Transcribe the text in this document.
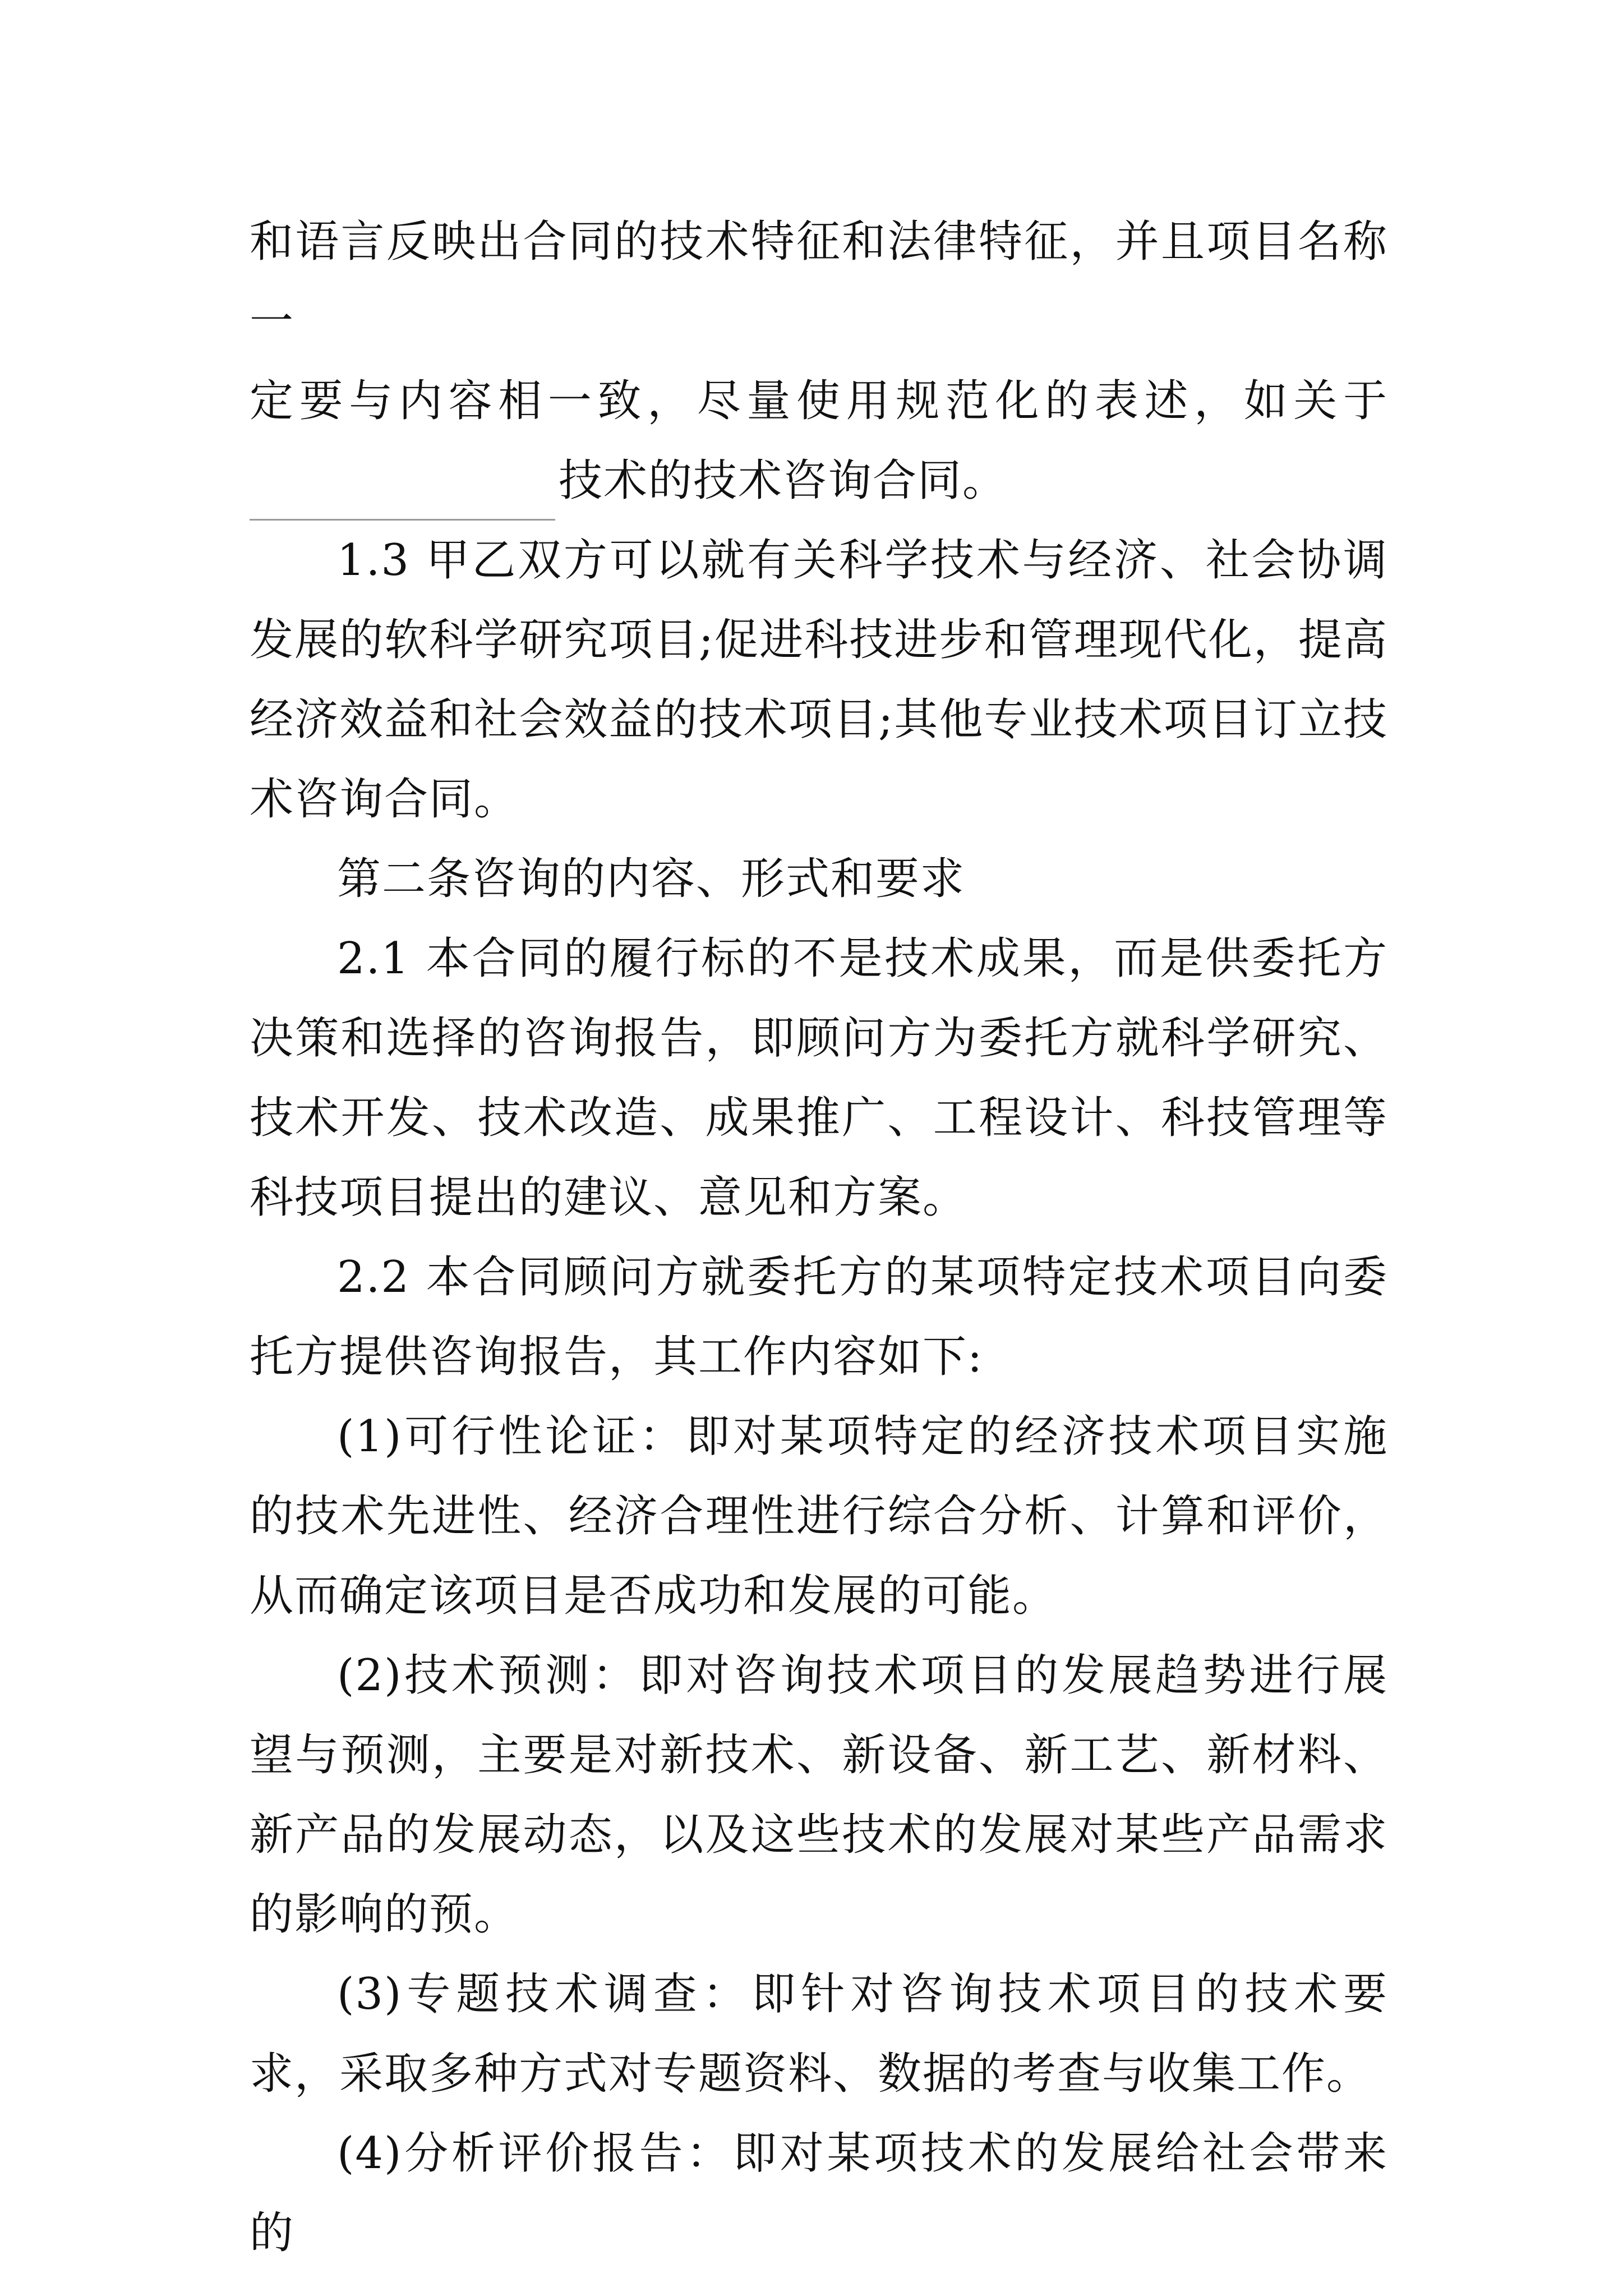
和语言反映出合同的技术特征和法律特征，并且项目名称一

定要与内容相一致，尽量使用规范化的表述，如关于

技术的技术咨询合同。

1.3 甲乙双方可以就有关科学技术与经济、社会协调发展的软科学研究项目;促进科技进步和管理现代化，提高经济效益和社会效益的技术项目;其他专业技术项目订立技术咨询合同。

第二条咨询的内容、形式和要求

2.1 本合同的履行标的不是技术成果，而是供委托方决策和选择的咨询报告，即顾问方为委托方就科学研究、技术开发、技术改造、成果推广、工程设计、科技管理等科技项目提出的建议、意见和方案。

2.2 本合同顾问方就委托方的某项特定技术项目向委托方提供咨询报告，其工作内容如下:

(1)可行性论证：即对某项特定的经济技术项目实施的技术先进性、经济合理性进行综合分析、计算和评价，从而确定该项目是否成功和发展的可能。

(2)技术预测：即对咨询技术项目的发展趋势进行展望与预测，主要是对新技术、新设备、新工艺、新材料、新产品的发展动态，以及这些技术的发展对某些产品需求的影响的预。

(3)专题技术调查：即针对咨询技术项目的技术要求，采取多种方式对专题资料、数据的考查与收集工作。

(4)分析评价报告：即对某项技术的发展给社会带来的
